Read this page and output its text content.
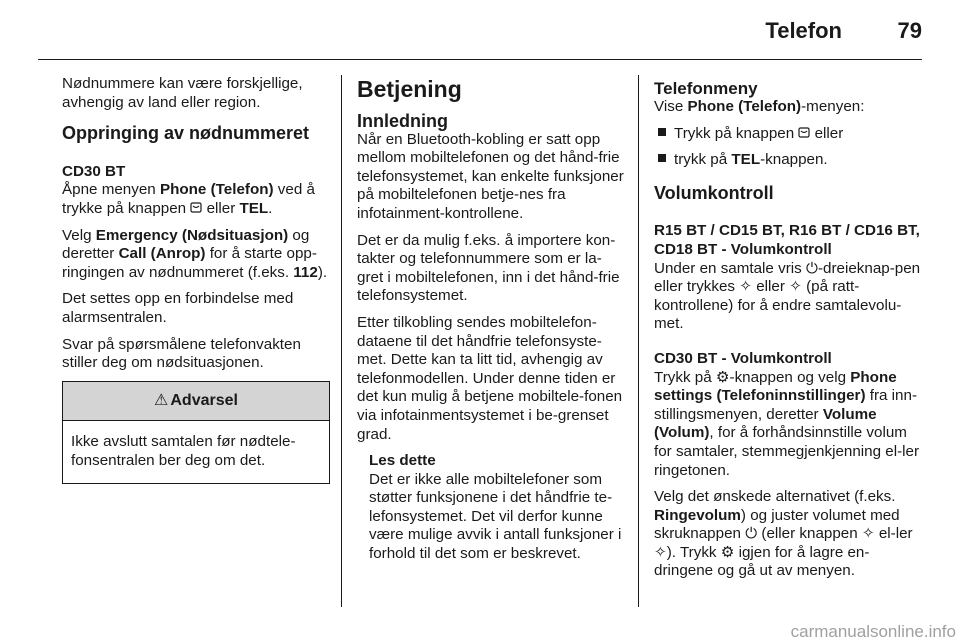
Telefon	79

Nødnummere kan være forskjellige, avhengig av land eller region.

Oppringing av nødnummeret
CD30 BT

Åpne menyen Phone (Telefon) ved å trykke på knappen  eller TEL.

Velg Emergency (Nødsituasjon) og deretter Call (Anrop) for å starte opp-ringingen av nødnummeret (f.eks. 112).

Det settes opp en forbindelse med alarmsentralen.

Svar på spørsmålene telefonvakten stiller deg om nødsituasjonen.

⚠ Advarsel
Ikke avslutt samtalen før nødtele-fonsentralen ber deg om det.
Betjening
Innledning

Når en Bluetooth-kobling er satt opp mellom mobiltelefonen og det hånd-frie telefonsystemet, kan enkelte funksjoner på mobiltelefonen betje-nes fra infotainment-kontrollene.

Det er da mulig f.eks. å importere kon-takter og telefonnummere som er la-gret i mobiltelefonen, inn i det hånd-frie telefonsystemet.

Etter tilkobling sendes mobiltelefon-dataene til det håndfrie telefonsyste-met. Dette kan ta litt tid, avhengig av telefonmodellen. Under denne tiden er det kun mulig å betjene mobiltele-fonen via infotainmentsystemet i be-grenset grad.

Les dette
Det er ikke alle mobiltelefoner som støtter funksjonene i det håndfrie te-lefonsystemet. Det vil derfor kunne være mulige avvik i antall funksjoner i forhold til det som er beskrevet.
Telefonmeny

Vise Phone (Telefon)-menyen:

Trykk på knappen  eller

trykk på TEL-knappen.

Volumkontroll
R15 BT / CD15 BT, R16 BT / CD16 BT, CD18 BT - Volumkontroll

Under en samtale vris ⏻-dreieknap-pen eller trykkes ✧ eller ✧ (på ratt-kontrollene) for å endre samtalevolu-met.

CD30 BT - Volumkontroll

Trykk på ⚙-knappen og velg Phone settings (Telefoninnstillinger) fra inn-stillingsmenyen, deretter Volume (Volum), for å forhåndsinnstille volum for samtaler, stemmegjenkjenning el-ler ringetonen.

Velg det ønskede alternativet (f.eks. Ringevolum) og juster volumet med skruknappen ⏻ (eller knappen ✧ el-ler ✧). Trykk ⚙ igjen for å lagre en-dringene og gå ut av menyen.

carmanualsonline.info
